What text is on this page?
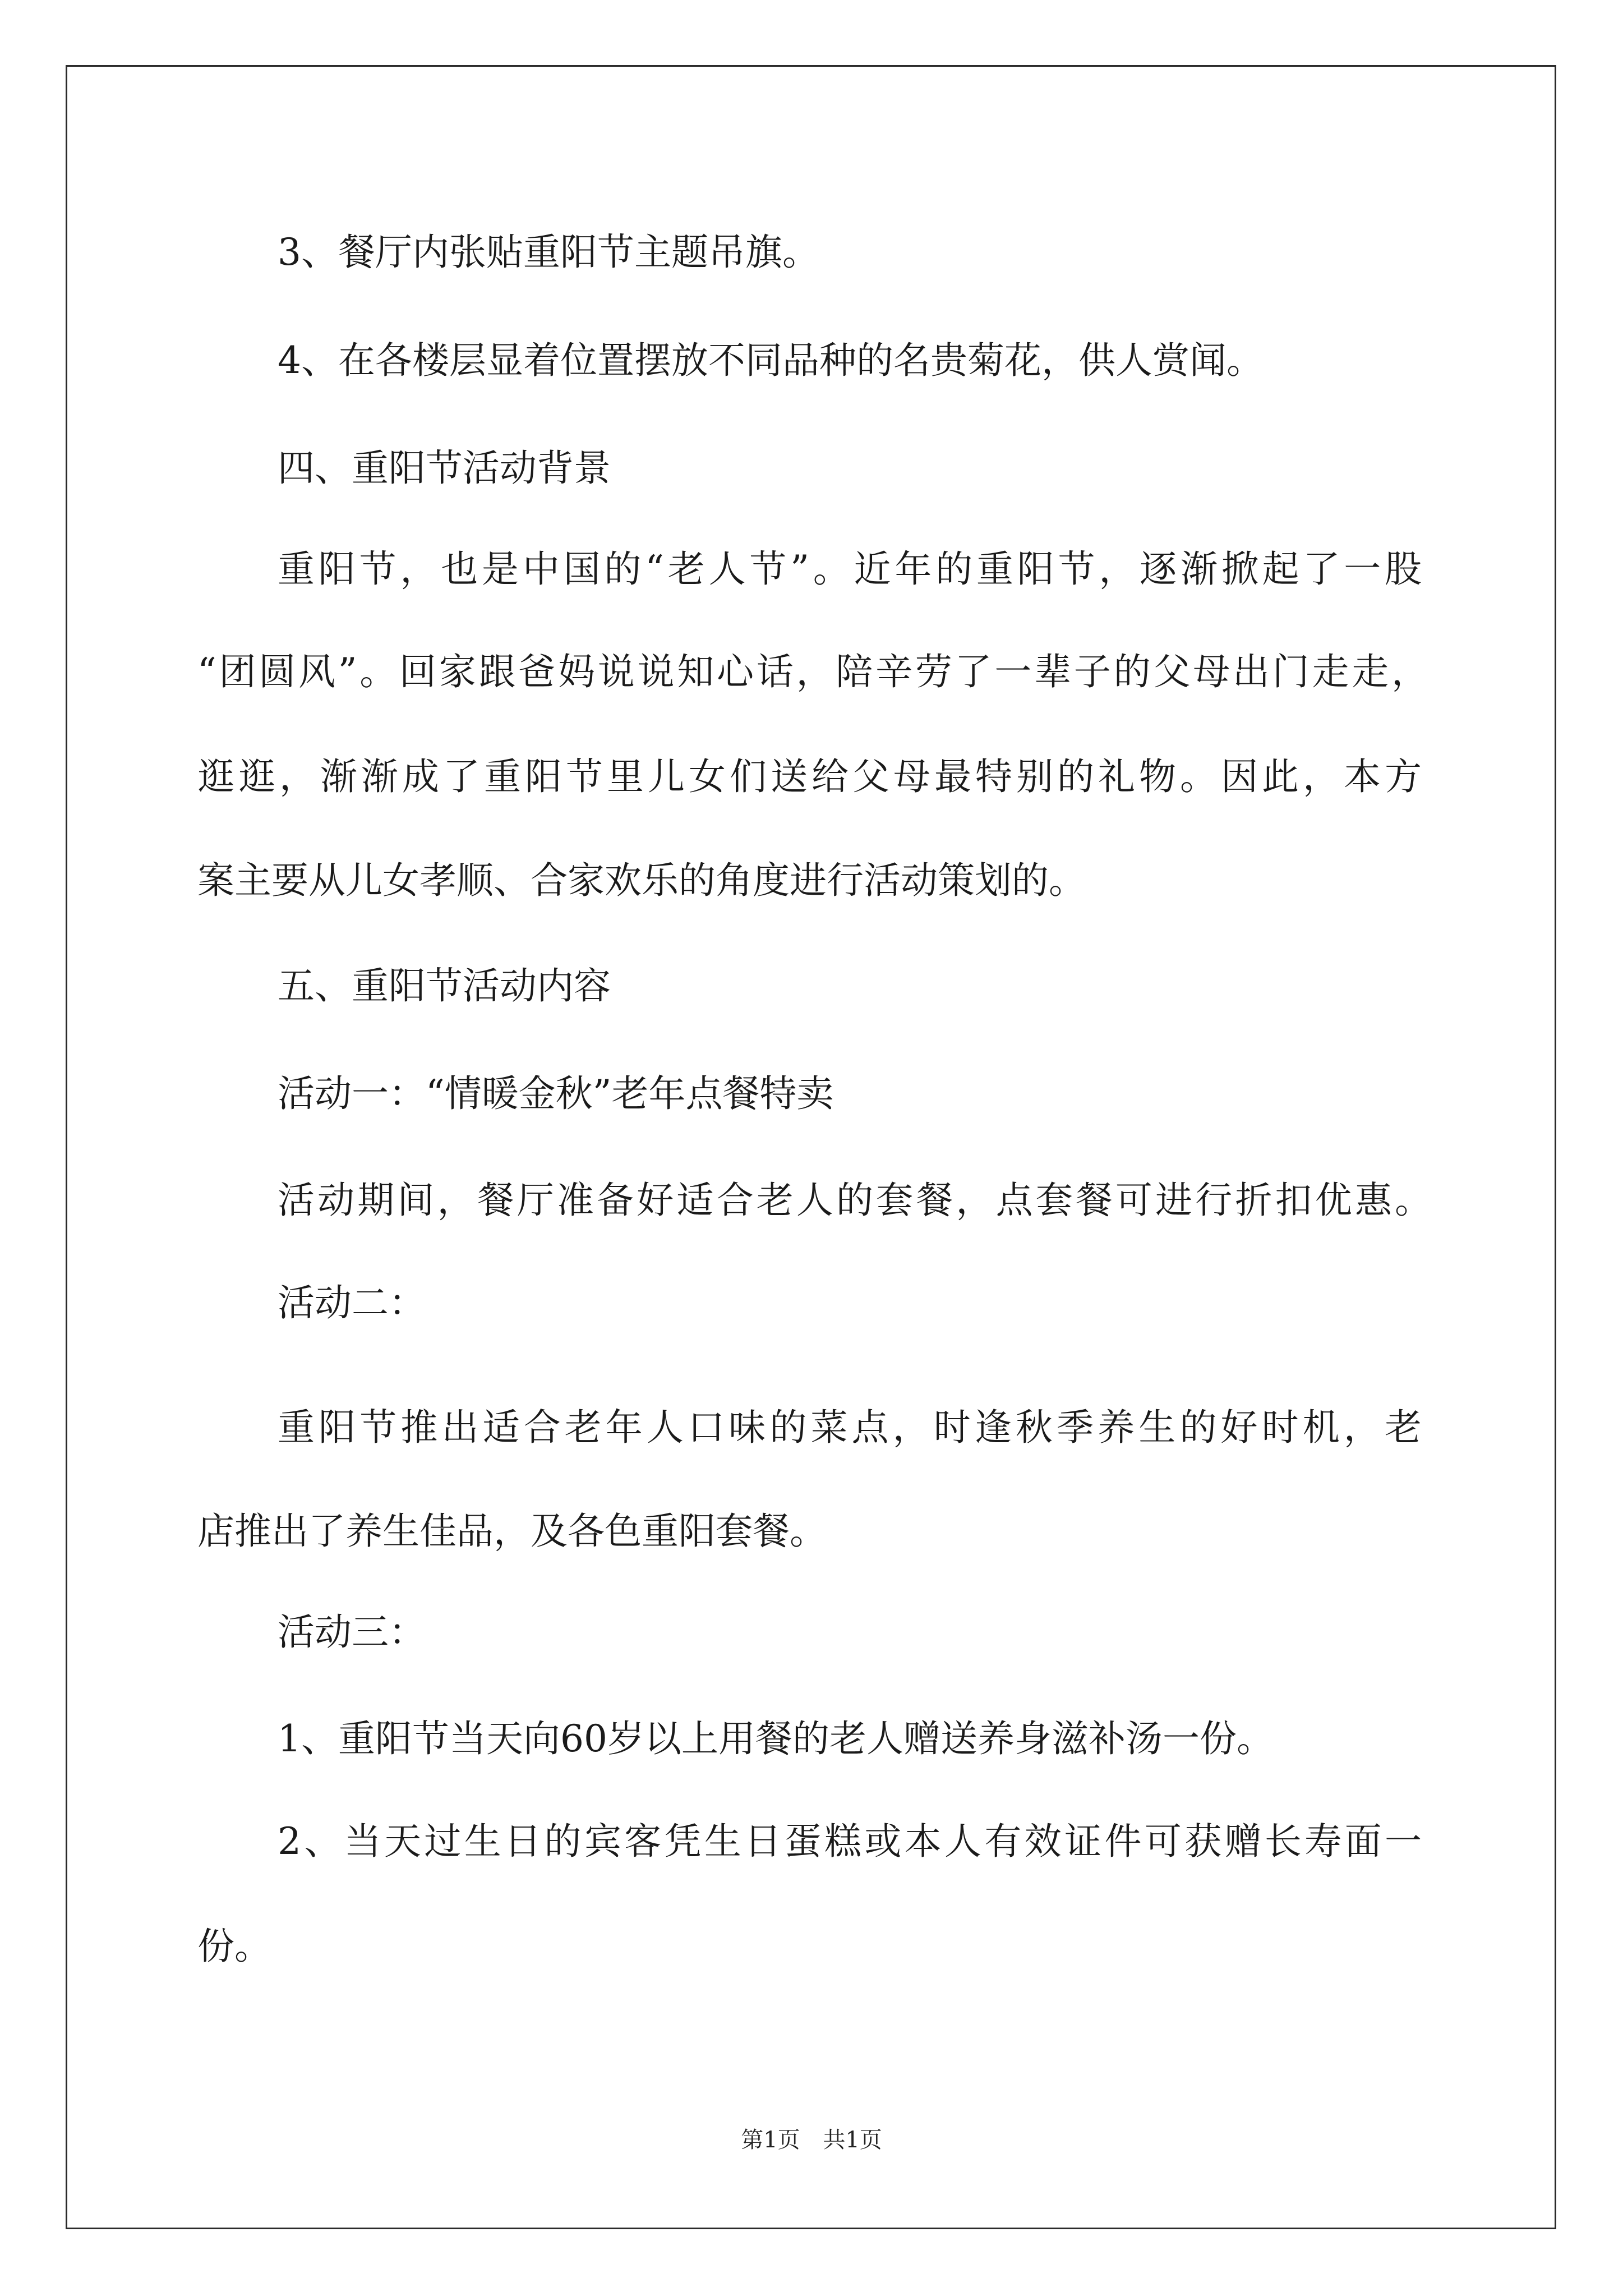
3、餐厅内张贴重阳节主题吊旗。
4、在各楼层显着位置摆放不同品种的名贵菊花，供人赏闻。
四、重阳节活动背景
重阳节，也是中国的“老人节”。近年的重阳节，逐渐掀起了一股
“团圆风”。回家跟爸妈说说知心话，陪辛劳了一辈子的父母出门走走，
逛逛，渐渐成了重阳节里儿女们送给父母最特别的礼物。因此，本方
案主要从儿女孝顺、合家欢乐的角度进行活动策划的。
五、重阳节活动内容
活动一：“情暖金秋”老年点餐特卖
活动期间，餐厅准备好适合老人的套餐，点套餐可进行折扣优惠。
活动二：
重阳节推出适合老年人口味的菜点，时逢秋季养生的好时机，老
店推出了养生佳品，及各色重阳套餐。
活动三：
1、重阳节当天向60岁以上用餐的老人赠送养身滋补汤一份。
2、当天过生日的宾客凭生日蛋糕或本人有效证件可获赠长寿面一
份。
第1页 共1页
